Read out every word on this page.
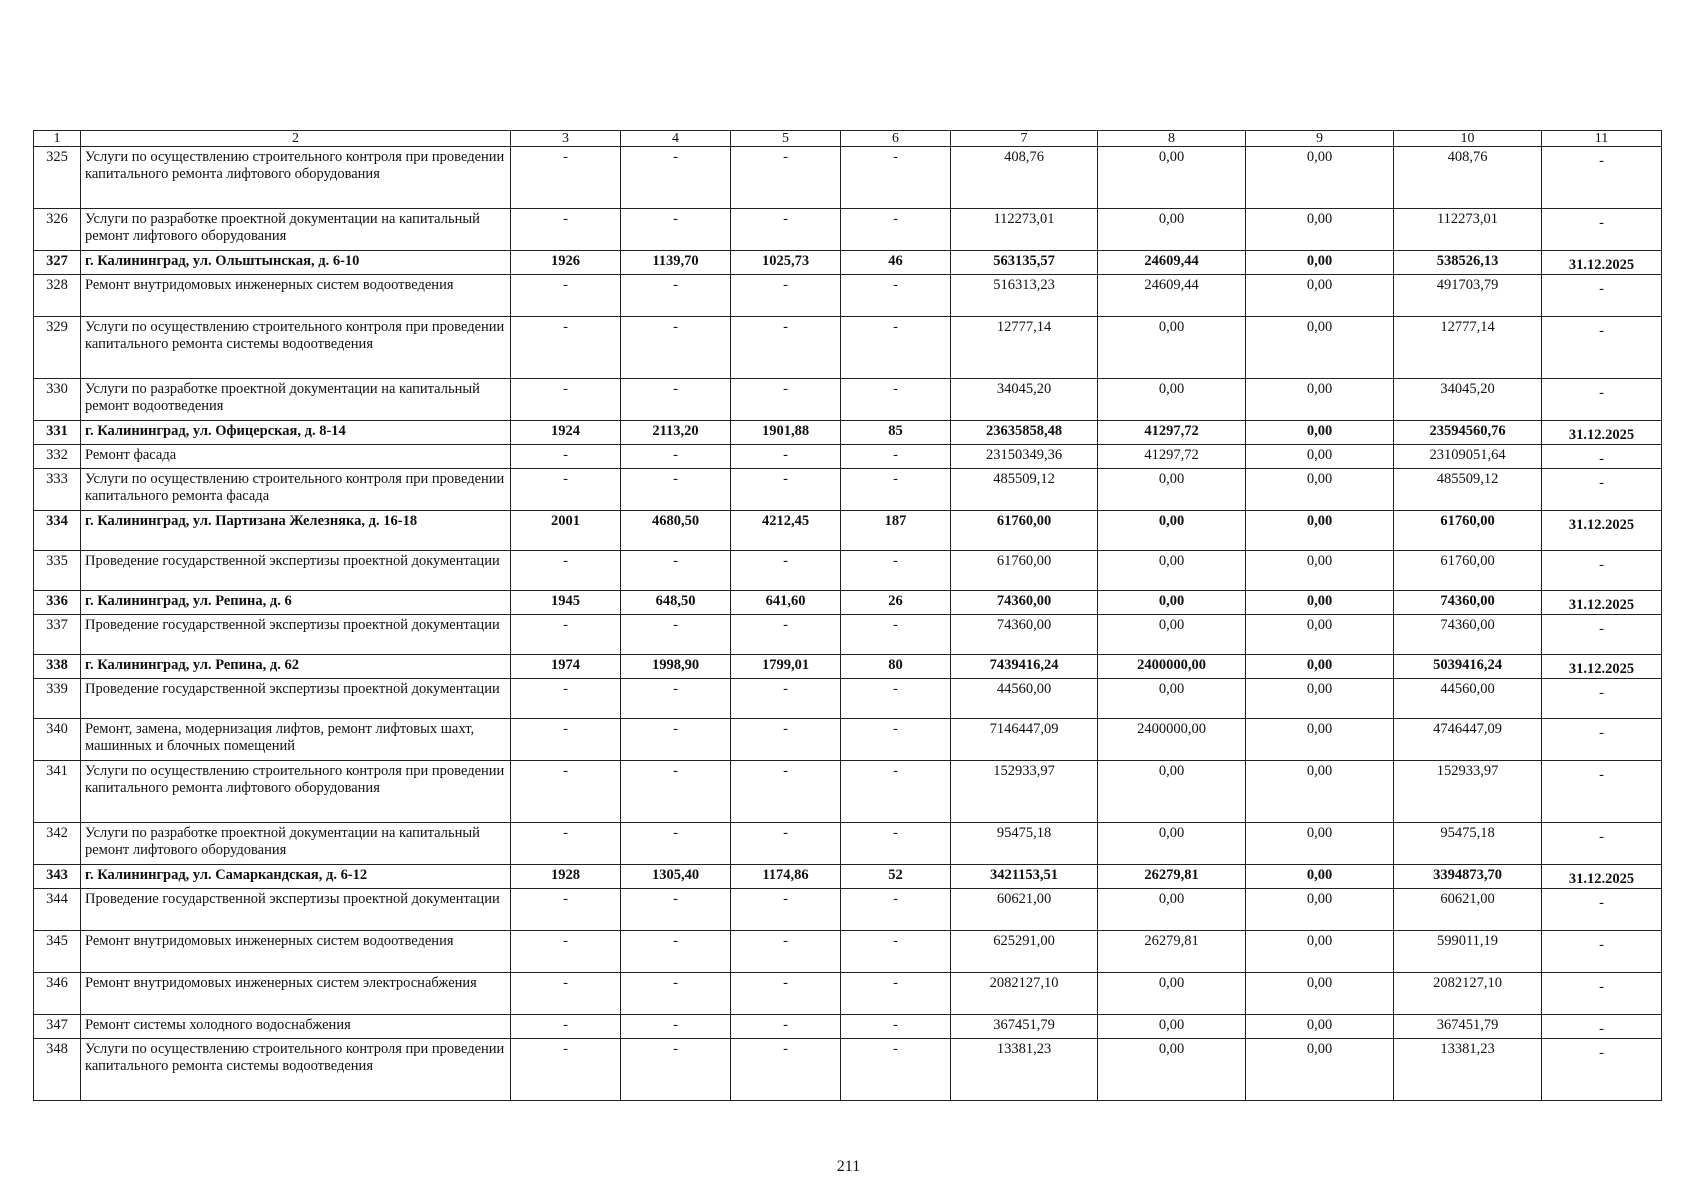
1	2	3	4	5	6	7	8	9	10	11
325	Услуги по осуществлению строительного контроля при проведении капитального ремонта лифтового оборудования	-	-	-	-	408,76	0,00	0,00	408,76	-
326	Услуги по разработке проектной документации на капитальный ремонт лифтового оборудования	-	-	-	-	112273,01	0,00	0,00	112273,01	-
327	г. Калининград, ул. Ольштынская, д. 6-10	1926	1139,70	1025,73	46	563135,57	24609,44	0,00	538526,13	31.12.2025
328	Ремонт внутридомовых инженерных систем водоотведения	-	-	-	-	516313,23	24609,44	0,00	491703,79	-
329	Услуги по осуществлению строительного контроля при проведении капитального ремонта системы водоотведения	-	-	-	-	12777,14	0,00	0,00	12777,14	-
330	Услуги по разработке проектной документации на капитальный ремонт водоотведения	-	-	-	-	34045,20	0,00	0,00	34045,20	-
331	г. Калининград, ул. Офицерская, д. 8-14	1924	2113,20	1901,88	85	23635858,48	41297,72	0,00	23594560,76	31.12.2025
332	Ремонт фасада	-	-	-	-	23150349,36	41297,72	0,00	23109051,64	-
333	Услуги по осуществлению строительного контроля при проведении капитального ремонта фасада	-	-	-	-	485509,12	0,00	0,00	485509,12	-
334	г. Калининград, ул. Партизана Железняка, д. 16-18	2001	4680,50	4212,45	187	61760,00	0,00	0,00	61760,00	31.12.2025
335	Проведение государственной экспертизы проектной документации	-	-	-	-	61760,00	0,00	0,00	61760,00	-
336	г. Калининград, ул. Репина, д. 6	1945	648,50	641,60	26	74360,00	0,00	0,00	74360,00	31.12.2025
337	Проведение государственной экспертизы проектной документации	-	-	-	-	74360,00	0,00	0,00	74360,00	-
338	г. Калининград, ул. Репина, д. 62	1974	1998,90	1799,01	80	7439416,24	2400000,00	0,00	5039416,24	31.12.2025
339	Проведение государственной экспертизы проектной документации	-	-	-	-	44560,00	0,00	0,00	44560,00	-
340	Ремонт, замена, модернизация лифтов, ремонт лифтовых шахт, машинных и блочных помещений	-	-	-	-	7146447,09	2400000,00	0,00	4746447,09	-
341	Услуги по осуществлению строительного контроля при проведении капитального ремонта лифтового оборудования	-	-	-	-	152933,97	0,00	0,00	152933,97	-
342	Услуги по разработке проектной документации на капитальный ремонт лифтового оборудования	-	-	-	-	95475,18	0,00	0,00	95475,18	-
343	г. Калининград, ул. Самаркандская, д. 6-12	1928	1305,40	1174,86	52	3421153,51	26279,81	0,00	3394873,70	31.12.2025
344	Проведение государственной экспертизы проектной документации	-	-	-	-	60621,00	0,00	0,00	60621,00	-
345	Ремонт внутридомовых инженерных систем водоотведения	-	-	-	-	625291,00	26279,81	0,00	599011,19	-
346	Ремонт внутридомовых инженерных систем электроснабжения	-	-	-	-	2082127,10	0,00	0,00	2082127,10	-
347	Ремонт системы холодного водоснабжения	-	-	-	-	367451,79	0,00	0,00	367451,79	-
348	Услуги по осуществлению строительного контроля при проведении капитального ремонта системы водоотведения	-	-	-	-	13381,23	0,00	0,00	13381,23	-
211
